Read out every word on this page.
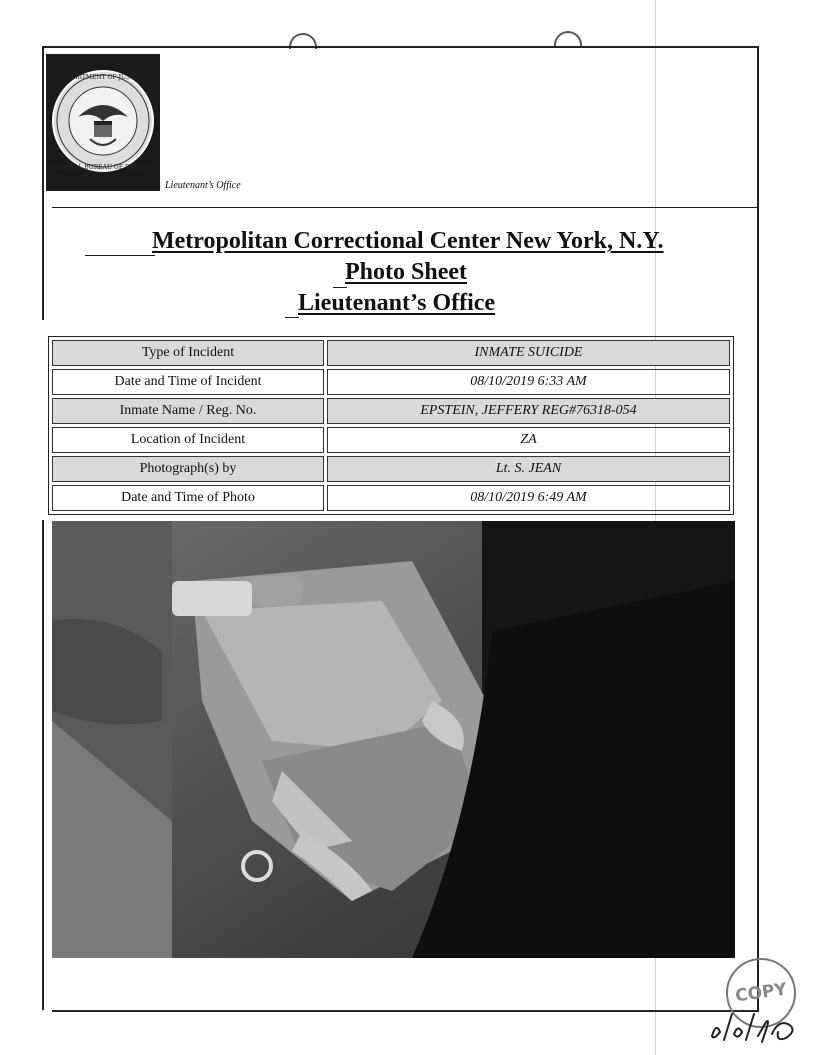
DEPARTMENT OF JUSTICE
FEDERAL BUREAU OF PRISONS
Lieutenant’s Office
Metropolitan Correctional Center New York, N.Y.
Photo Sheet
Lieutenant’s Office
Type of Incident	INMATE SUICIDE
Date and Time of Incident	08/10/2019 6:33 AM
Inmate Name / Reg. No.	EPSTEIN, JEFFERY REG#76318-054
Location of Incident	ZA
Photograph(s) by	Lt. S. JEAN
Date and Time of Photo	08/10/2019 6:49 AM
COPY
